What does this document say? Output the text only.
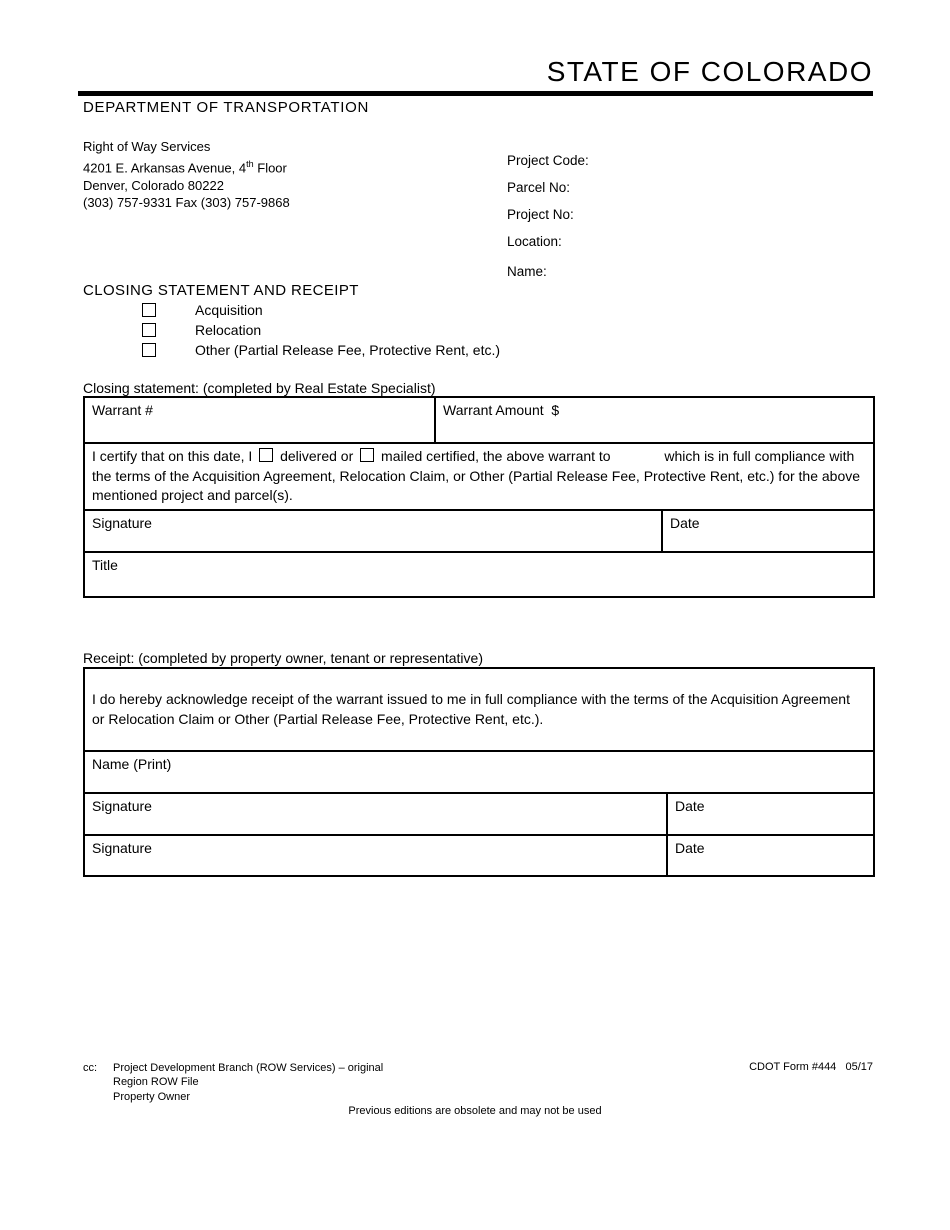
STATE OF COLORADO
DEPARTMENT OF TRANSPORTATION
Right of Way Services
4201 E. Arkansas Avenue, 4th Floor
Denver, Colorado 80222
(303) 757-9331 Fax (303) 757-9868
Project Code:
Parcel No:
Project No:
Location:
Name:
CLOSING STATEMENT AND RECEIPT
Acquisition
Relocation
Other (Partial Release Fee, Protective Rent, etc.)
Closing statement: (completed by Real Estate Specialist)
Warrant #	Warrant Amount  $	
I certify that on this date, I delivered or mailed certified, the above warrant to which is in full compliance with the terms of the Acquisition Agreement, Relocation Claim, or Other (Partial Release Fee, Protective Rent, etc.) for the above mentioned project and parcel(s).		
Signature		Date
Title		
Receipt: (completed by property owner, tenant or representative)
I do hereby acknowledge receipt of the warrant issued to me in full compliance with the terms of the Acquisition Agreement or Relocation Claim or Other (Partial Release Fee, Protective Rent, etc.).	
Name (Print)	
Signature	Date
Signature	Date
cc:	Project Development Branch (ROW Services) – original
Region ROW File
Property Owner
CDOT Form #444   05/17
Previous editions are obsolete and may not be used
